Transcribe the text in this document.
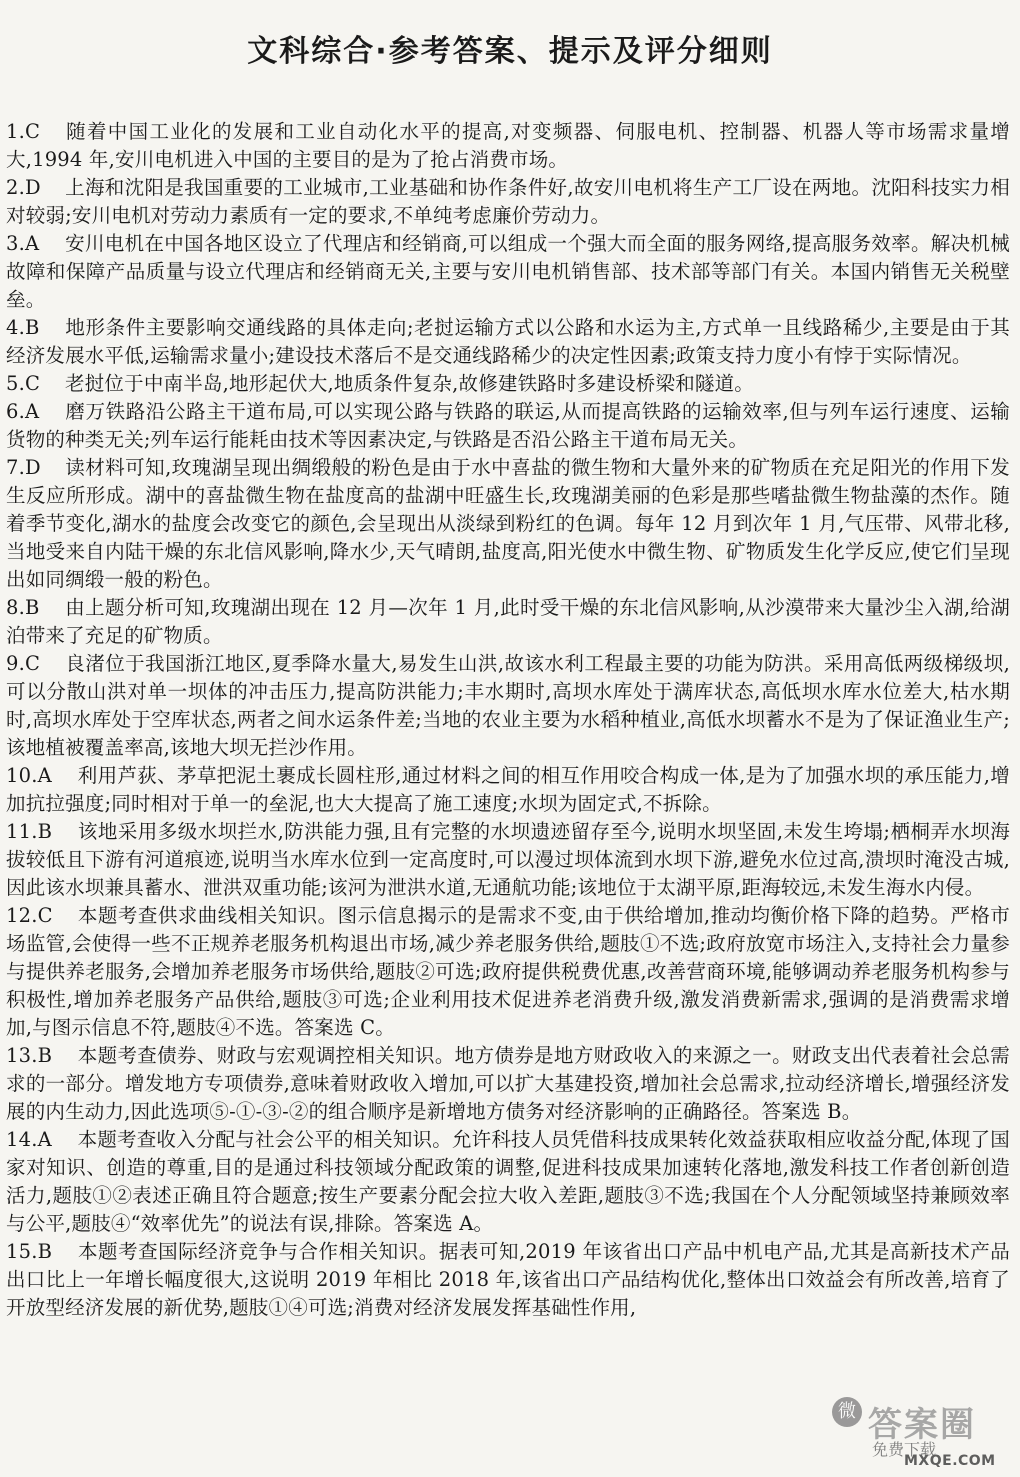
文科综合·参考答案、提示及评分细则

1.C 随着中国工业化的发展和工业自动化水平的提高,对变频器、伺服电机、控制器、机器人等市场需求量增大,1994 年,安川电机进入中国的主要目的是为了抢占消费市场。

2.D 上海和沈阳是我国重要的工业城市,工业基础和协作条件好,故安川电机将生产工厂设在两地。沈阳科技实力相对较弱;安川电机对劳动力素质有一定的要求,不单纯考虑廉价劳动力。

3.A 安川电机在中国各地区设立了代理店和经销商,可以组成一个强大而全面的服务网络,提高服务效率。解决机械故障和保障产品质量与设立代理店和经销商无关,主要与安川电机销售部、技术部等部门有关。本国内销售无关税壁垒。

4.B 地形条件主要影响交通线路的具体走向;老挝运输方式以公路和水运为主,方式单一且线路稀少,主要是由于其经济发展水平低,运输需求量小;建设技术落后不是交通线路稀少的决定性因素;政策支持力度小有悖于实际情况。

5.C 老挝位于中南半岛,地形起伏大,地质条件复杂,故修建铁路时多建设桥梁和隧道。

6.A 磨万铁路沿公路主干道布局,可以实现公路与铁路的联运,从而提高铁路的运输效率,但与列车运行速度、运输货物的种类无关;列车运行能耗由技术等因素决定,与铁路是否沿公路主干道布局无关。

7.D 读材料可知,玫瑰湖呈现出绸缎般的粉色是由于水中喜盐的微生物和大量外来的矿物质在充足阳光的作用下发生反应所形成。湖中的喜盐微生物在盐度高的盐湖中旺盛生长,玫瑰湖美丽的色彩是那些嗜盐微生物盐藻的杰作。随着季节变化,湖水的盐度会改变它的颜色,会呈现出从淡绿到粉红的色调。每年 12 月到次年 1 月,气压带、风带北移,当地受来自内陆干燥的东北信风影响,降水少,天气晴朗,盐度高,阳光使水中微生物、矿物质发生化学反应,使它们呈现出如同绸缎一般的粉色。

8.B 由上题分析可知,玫瑰湖出现在 12 月—次年 1 月,此时受干燥的东北信风影响,从沙漠带来大量沙尘入湖,给湖泊带来了充足的矿物质。

9.C 良渚位于我国浙江地区,夏季降水量大,易发生山洪,故该水利工程最主要的功能为防洪。采用高低两级梯级坝,可以分散山洪对单一坝体的冲击压力,提高防洪能力;丰水期时,高坝水库处于满库状态,高低坝水库水位差大,枯水期时,高坝水库处于空库状态,两者之间水运条件差;当地的农业主要为水稻种植业,高低水坝蓄水不是为了保证渔业生产;该地植被覆盖率高,该地大坝无拦沙作用。

10.A 利用芦荻、茅草把泥土裹成长圆柱形,通过材料之间的相互作用咬合构成一体,是为了加强水坝的承压能力,增加抗拉强度;同时相对于单一的垒泥,也大大提高了施工速度;水坝为固定式,不拆除。

11.B 该地采用多级水坝拦水,防洪能力强,且有完整的水坝遗迹留存至今,说明水坝坚固,未发生垮塌;栖桐弄水坝海拔较低且下游有河道痕迹,说明当水库水位到一定高度时,可以漫过坝体流到水坝下游,避免水位过高,溃坝时淹没古城,因此该水坝兼具蓄水、泄洪双重功能;该河为泄洪水道,无通航功能;该地位于太湖平原,距海较远,未发生海水内侵。

12.C 本题考查供求曲线相关知识。图示信息揭示的是需求不变,由于供给增加,推动均衡价格下降的趋势。严格市场监管,会使得一些不正规养老服务机构退出市场,减少养老服务供给,题肢①不选;政府放宽市场注入,支持社会力量参与提供养老服务,会增加养老服务市场供给,题肢②可选;政府提供税费优惠,改善营商环境,能够调动养老服务机构参与积极性,增加养老服务产品供给,题肢③可选;企业利用技术促进养老消费升级,激发消费新需求,强调的是消费需求增加,与图示信息不符,题肢④不选。答案选 C。

13.B 本题考查债券、财政与宏观调控相关知识。地方债券是地方财政收入的来源之一。财政支出代表着社会总需求的一部分。增发地方专项债券,意味着财政收入增加,可以扩大基建投资,增加社会总需求,拉动经济增长,增强经济发展的内生动力,因此选项⑤-①-③-②的组合顺序是新增地方债务对经济影响的正确路径。答案选 B。

14.A 本题考查收入分配与社会公平的相关知识。允许科技人员凭借科技成果转化效益获取相应收益分配,体现了国家对知识、创造的尊重,目的是通过科技领域分配政策的调整,促进科技成果加速转化落地,激发科技工作者创新创造活力,题肢①②表述正确且符合题意;按生产要素分配会拉大收入差距,题肢③不选;我国在个人分配领域坚持兼顾效率与公平,题肢④“效率优先”的说法有误,排除。答案选 A。

15.B 本题考查国际经济竞争与合作相关知识。据表可知,2019 年该省出口产品中机电产品,尤其是高新技术产品出口比上一年增长幅度很大,这说明 2019 年相比 2018 年,该省出口产品结构优化,整体出口效益会有所改善,培育了开放型经济发展的新优势,题肢①④可选;消费对经济发展发挥基础性作用,

微 答案圈
免费下载
MXQE.COM
